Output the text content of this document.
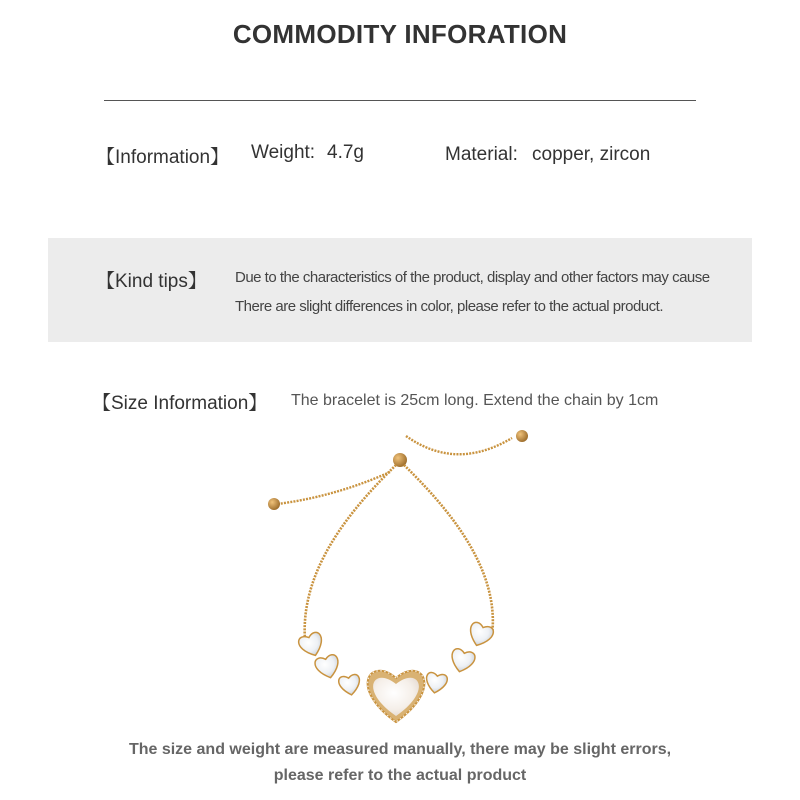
COMMODITY INFORATION
【Information】 Weight: 4.7g	Material: copper, zircon
【Kind tips】 Due to the characteristics of the product, display and other factors may cause
There are slight differences in color, please refer to the actual product.
【Size Information】 The bracelet is 25cm long. Extend the chain by 1cm
The size and weight are measured manually, there may be slight errors,
please refer to the actual product
